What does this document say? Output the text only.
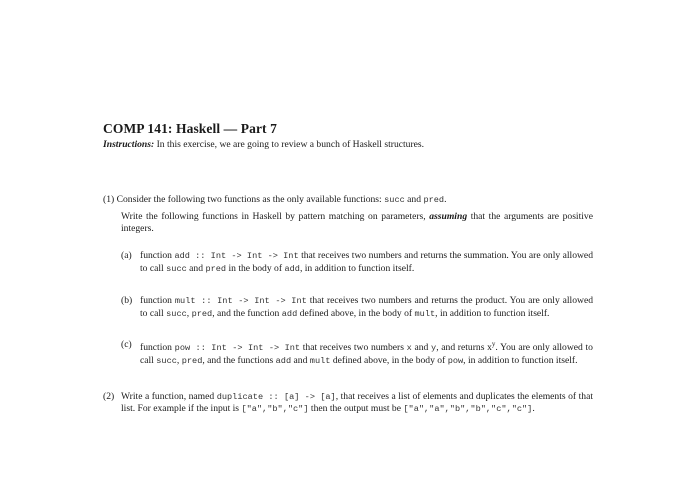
COMP 141: Haskell — Part 7
Instructions: In this exercise, we are going to review a bunch of Haskell structures.
(1) Consider the following two functions as the only available functions: succ and pred.
Write the following functions in Haskell by pattern matching on parameters, assuming that the arguments are positive integers.
(a) function add :: Int -> Int -> Int that receives two numbers and returns the summation. You are only allowed to call succ and pred in the body of add, in addition to function itself.
(b) function mult :: Int -> Int -> Int that receives two numbers and returns the product. You are only allowed to call succ, pred, and the function add defined above, in the body of mult, in addition to function itself.
(c) function pow :: Int -> Int -> Int that receives two numbers x and y, and returns $x^y$. You are only allowed to call succ, pred, and the functions add and mult defined above, in the body of pow, in addition to function itself.
(2) Write a function, named duplicate :: [a] -> [a], that receives a list of elements and duplicates the elements of that list. For example if the input is ["a","b","c"] then the output must be ["a","a","b","b","c","c"].
